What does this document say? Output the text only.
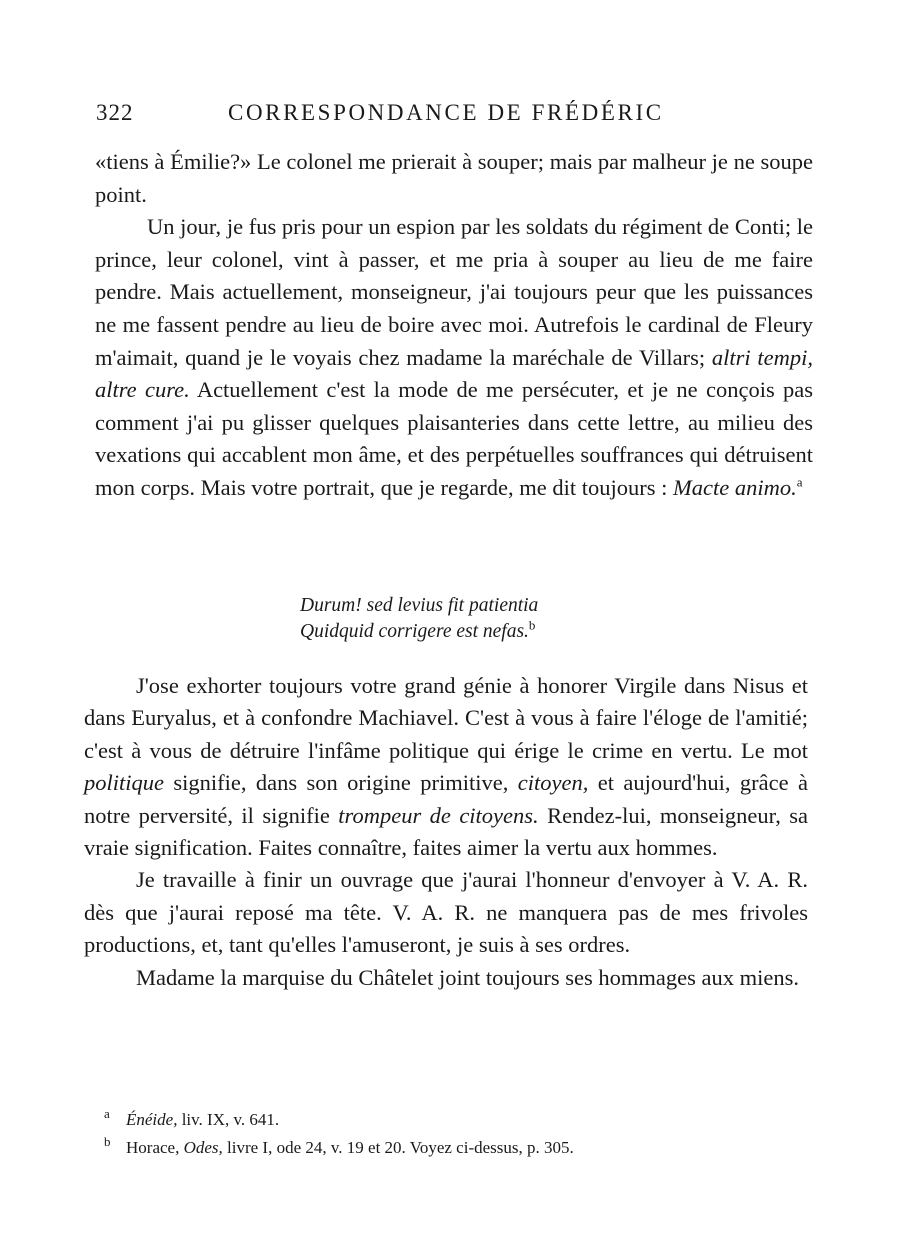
322	CORRESPONDANCE DE FRÉDÉRIC

«tiens à Émilie?» Le colonel me prierait à souper; mais par malheur je ne soupe point.

Un jour, je fus pris pour un espion par les soldats du régiment de Conti; le prince, leur colonel, vint à passer, et me pria à souper au lieu de me faire pendre. Mais actuellement, monseigneur, j'ai toujours peur que les puissances ne me fassent pendre au lieu de boire avec moi. Autrefois le cardinal de Fleury m'aimait, quand je le voyais chez madame la maréchale de Villars; altri tempi, altre cure. Actuellement c'est la mode de me persécuter, et je ne conçois pas comment j'ai pu glisser quelques plaisanteries dans cette lettre, au milieu des vexations qui accablent mon âme, et des perpétuelles souffrances qui détruisent mon corps. Mais votre portrait, que je regarde, me dit toujours : Macte animo.$^a$

Durum! sed levius fit patientia
Quidquid corrigere est nefas.$^b$

J'ose exhorter toujours votre grand génie à honorer Virgile dans Nisus et dans Euryalus, et à confondre Machiavel. C'est à vous à faire l'éloge de l'amitié; c'est à vous de détruire l'infâme politique qui érige le crime en vertu. Le mot politique signifie, dans son origine primitive, citoyen, et aujourd'hui, grâce à notre perversité, il signifie trompeur de citoyens. Rendez-lui, monseigneur, sa vraie signification. Faites connaître, faites aimer la vertu aux hommes.

Je travaille à finir un ouvrage que j'aurai l'honneur d'envoyer à V. A. R. dès que j'aurai reposé ma tête. V. A. R. ne manquera pas de mes frivoles productions, et, tant qu'elles l'amuseront, je suis à ses ordres.

Madame la marquise du Châtelet joint toujours ses hommages aux miens.

a Énéide, liv. IX, v. 641.
b Horace, Odes, livre I, ode 24, v. 19 et 20. Voyez ci-dessus, p. 305.
